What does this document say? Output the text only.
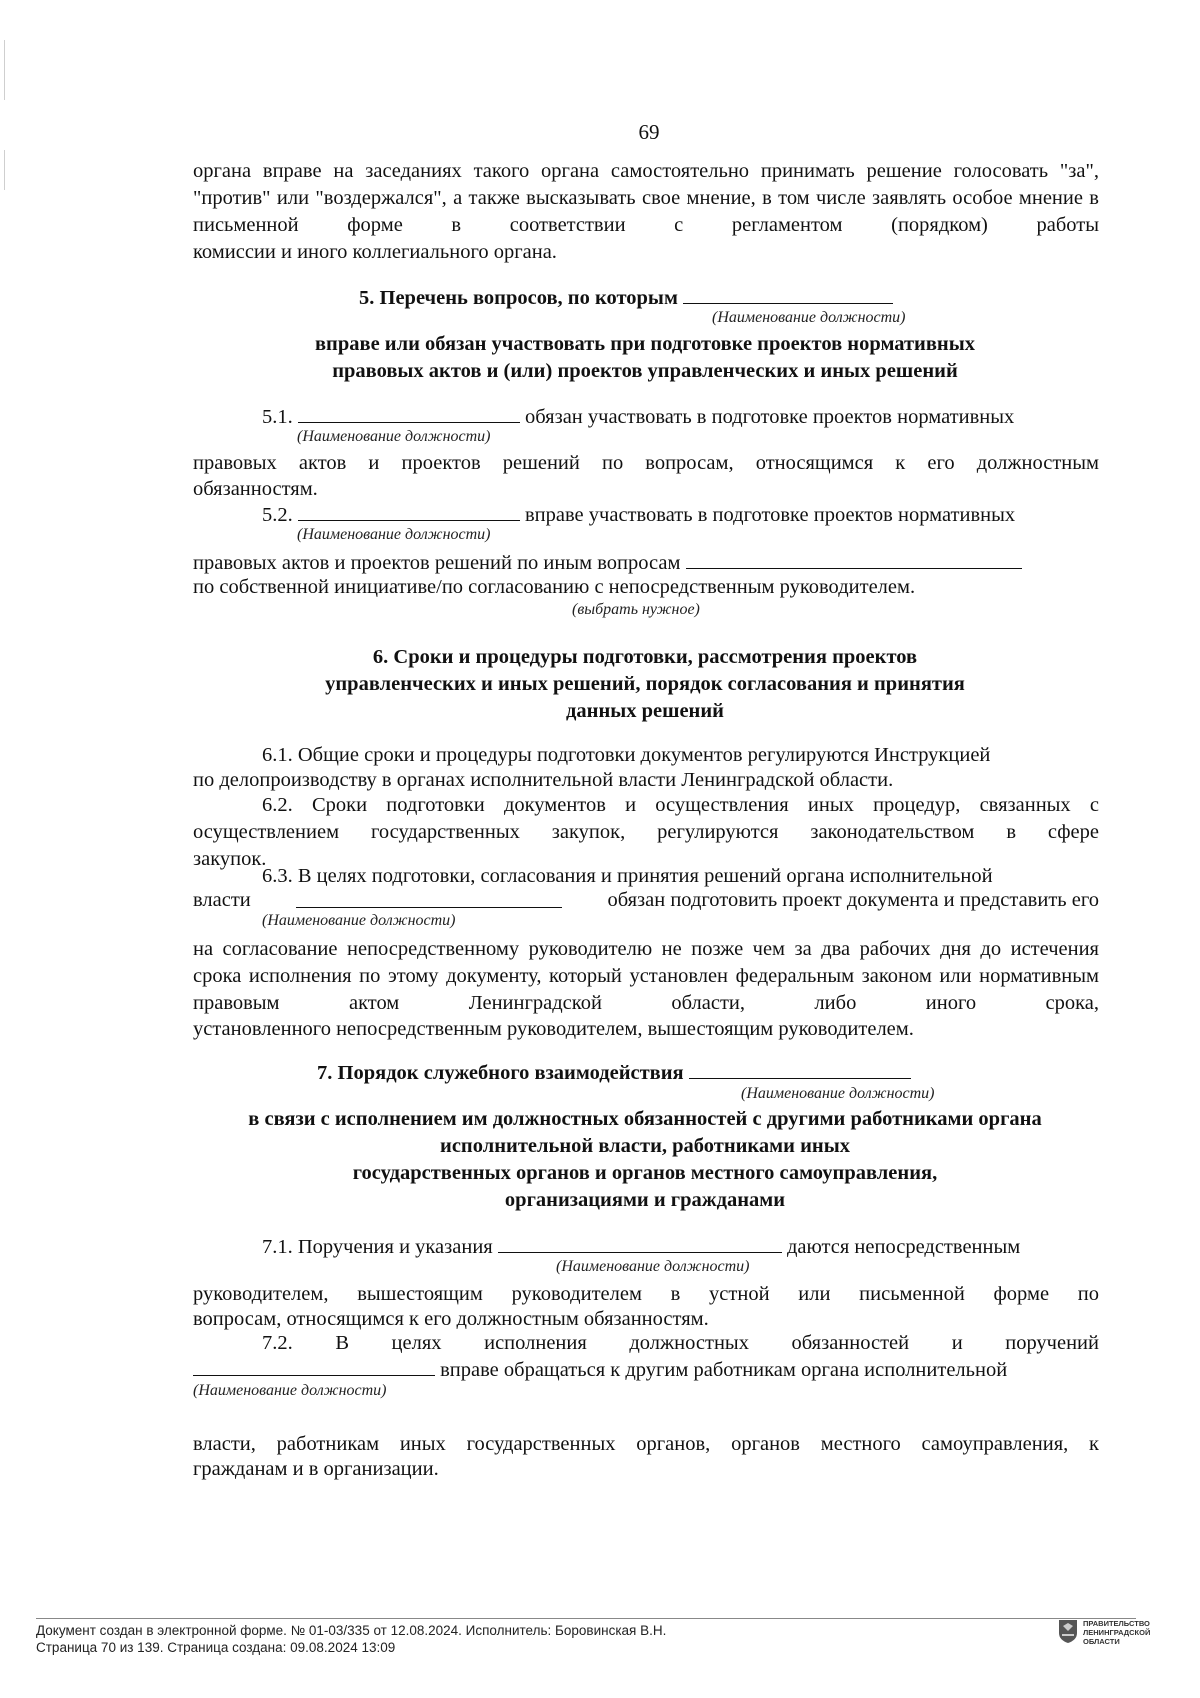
69
органа вправе на заседаниях такого органа самостоятельно принимать решение голосовать "за", "против" или "воздержался", а также высказывать свое мнение, в том числе заявлять особое мнение в письменной форме в соответствии с регламентом (порядком) работы
комиссии и иного коллегиального органа.
5. Перечень вопросов, по которым
(Наименование должности)
вправе или обязан участвовать при подготовке проектов нормативных
правовых актов и (или) проектов управленческих и иных решений
5.1.	обязан участвовать в подготовке проектов нормативных
(Наименование должности)
правовых актов и проектов решений по вопросам, относящимся к его должностным
обязанностям.
5.2.	вправе участвовать в подготовке проектов нормативных
(Наименование должности)
правовых актов и проектов решений по иным вопросам
по собственной инициативе/по согласованию с непосредственным руководителем.
(выбрать нужное)
6. Сроки и процедуры подготовки, рассмотрения проектов
управленческих и иных решений, порядок согласования и принятия
данных решений
6.1. Общие сроки и процедуры подготовки документов регулируются Инструкцией
по делопроизводству в органах исполнительной власти Ленинградской области.
6.2. Сроки подготовки документов и осуществления иных процедур, связанных с осуществлением государственных закупок, регулируются законодательством в сфере
закупок.
6.3. В целях подготовки, согласования и принятия решений органа исполнительной
власти	обязан подготовить проект документа и представить его
(Наименование должности)
на согласование непосредственному руководителю не позже чем за два рабочих дня до истечения срока исполнения по этому документу, который установлен федеральным законом или нормативным правовым актом Ленинградской области, либо иного срока,
установленного непосредственным руководителем, вышестоящим руководителем.
7. Порядок служебного взаимодействия
(Наименование должности)
в связи с исполнением им должностных обязанностей с другими работниками органа
исполнительной власти, работниками иных
государственных органов и органов местного самоуправления,
организациями и гражданами
7.1. Поручения и указания	даются непосредственным
(Наименование должности)
руководителем, вышестоящим руководителем в устной или письменной форме по
вопросам, относящимся к его должностным обязанностям.
7.2. В целях исполнения должностных обязанностей и поручений
вправе обращаться к другим работникам органа исполнительной
(Наименование должности)
власти, работникам иных государственных органов, органов местного самоуправления, к
гражданам и в организации.
Документ создан в электронной форме. № 01-03/335 от 12.08.2024. Исполнитель: Боровинская В.Н.
Страница 70 из 139. Страница создана: 09.08.2024 13:09
ПРАВИТЕЛЬСТВО
ЛЕНИНГРАДСКОЙ
ОБЛАСТИ
